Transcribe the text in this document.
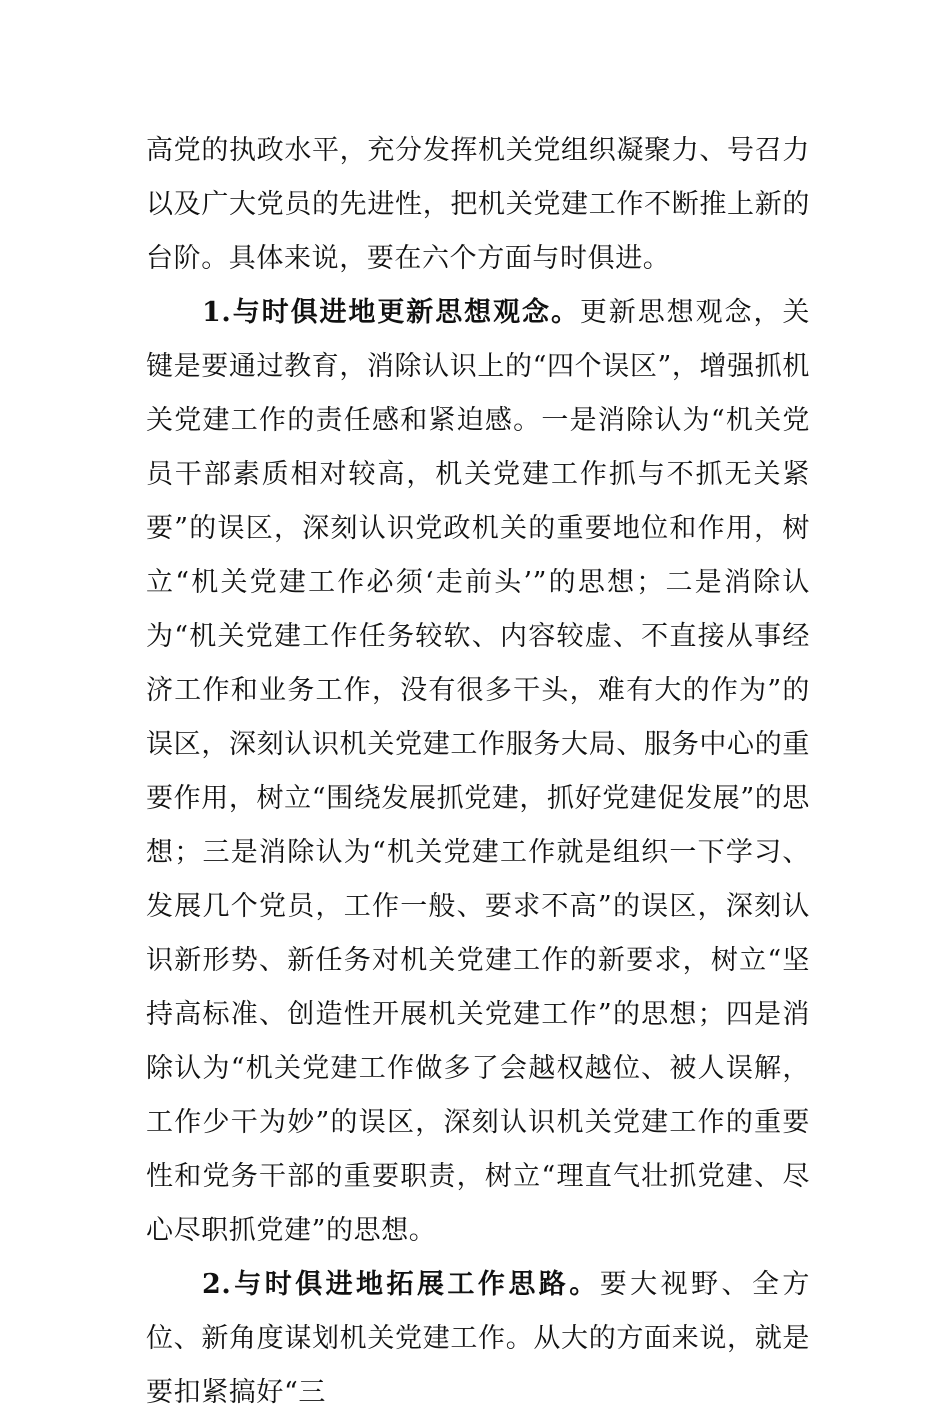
高党的执政水平，充分发挥机关党组织凝聚力、号召力以及广大党员的先进性，把机关党建工作不断推上新的台阶。具体来说，要在六个方面与时俱进。

1.与时俱进地更新思想观念。更新思想观念，关键是要通过教育，消除认识上的“四个误区”，增强抓机关党建工作的责任感和紧迫感。一是消除认为“机关党员干部素质相对较高，机关党建工作抓与不抓无关紧要”的误区，深刻认识党政机关的重要地位和作用，树立“机关党建工作必须‘走前头’”的思想；二是消除认为“机关党建工作任务较软、内容较虚、不直接从事经济工作和业务工作，没有很多干头，难有大的作为”的误区，深刻认识机关党建工作服务大局、服务中心的重要作用，树立“围绕发展抓党建，抓好党建促发展”的思想；三是消除认为“机关党建工作就是组织一下学习、发展几个党员，工作一般、要求不高”的误区，深刻认识新形势、新任务对机关党建工作的新要求，树立“坚持高标准、创造性开展机关党建工作”的思想；四是消除认为“机关党建工作做多了会越权越位、被人误解，工作少干为妙”的误区，深刻认识机关党建工作的重要性和党务干部的重要职责，树立“理直气壮抓党建、尽心尽职抓党建”的思想。

2.与时俱进地拓展工作思路。要大视野、全方位、新角度谋划机关党建工作。从大的方面来说，就是要扣紧搞好“三
